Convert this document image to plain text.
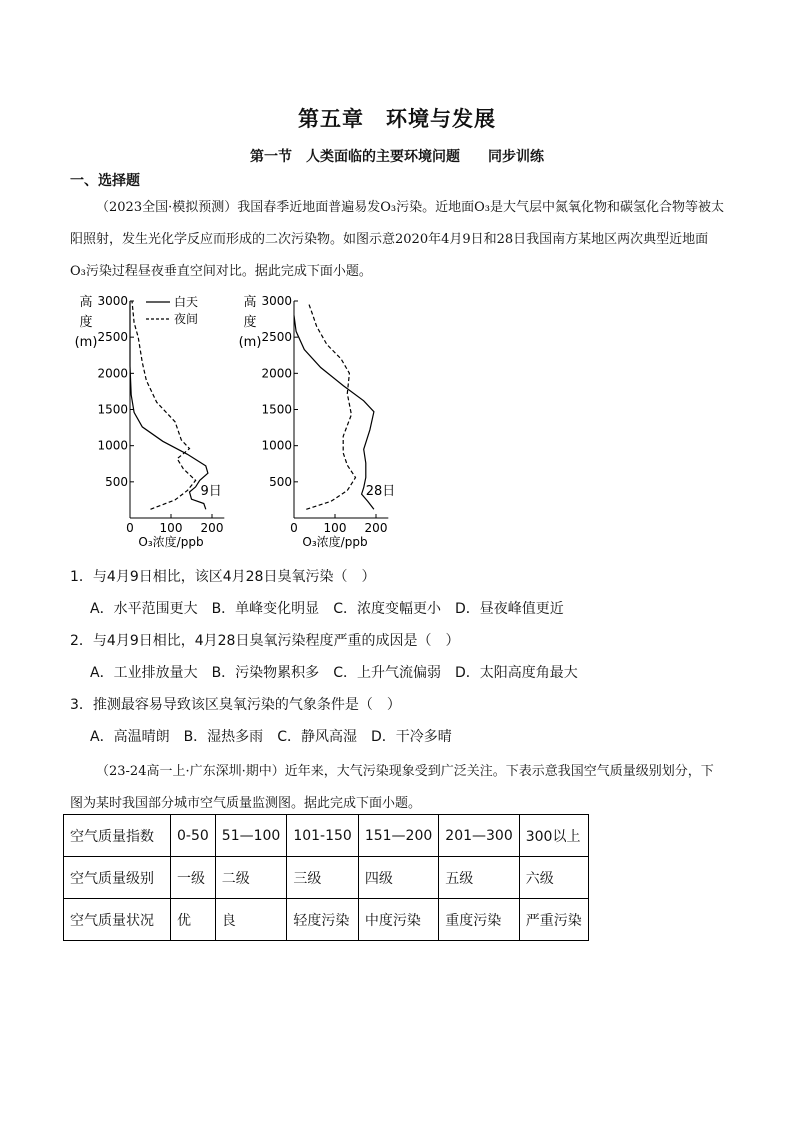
第五章　环境与发展
第一节　人类面临的主要环境问题　　同步训练
一、选择题
（2023全国·模拟预测）我国春季近地面普遍易发O₃污染。近地面O₃是大气层中氮氧化物和碳氢化合物等被太阳照射，发生光化学反应而形成的二次污染物。如图示意2020年4月9日和28日我国南方某地区两次典型近地面O₃污染过程昼夜垂直空间对比。据此完成下面小题。
3000
2500
2000
1500
1000
500
0 100 200
O₃浓度/ppb
高
度
(m)
9日
3000
2500
2000
1500
1000
500
0 100 200
O₃浓度/ppb
高
度
(m)
28日
白天
夜间
1．与4月9日相比，该区4月28日臭氧污染（　）
A．水平范围更大 B．单峰变化明显 C．浓度变幅更小 D．昼夜峰值更近
2．与4月9日相比，4月28日臭氧污染程度严重的成因是（　）
A．工业排放量大 B．污染物累积多 C．上升气流偏弱 D．太阳高度角最大
3．推测最容易导致该区臭氧污染的气象条件是（　）
A．高温晴朗 B．湿热多雨 C．静风高湿 D．干冷多晴
（23-24高一上·广东深圳·期中）近年来，大气污染现象受到广泛关注。下表示意我国空气质量级别划分，下图为某时我国部分城市空气质量监测图。据此完成下面小题。
空气质量指数	0-50	51—100	101-150	151—200	201—300	300以上
空气质量级别	一级	二级	三级	四级	五级	六级
空气质量状况	优	良	轻度污染	中度污染	重度污染	严重污染
